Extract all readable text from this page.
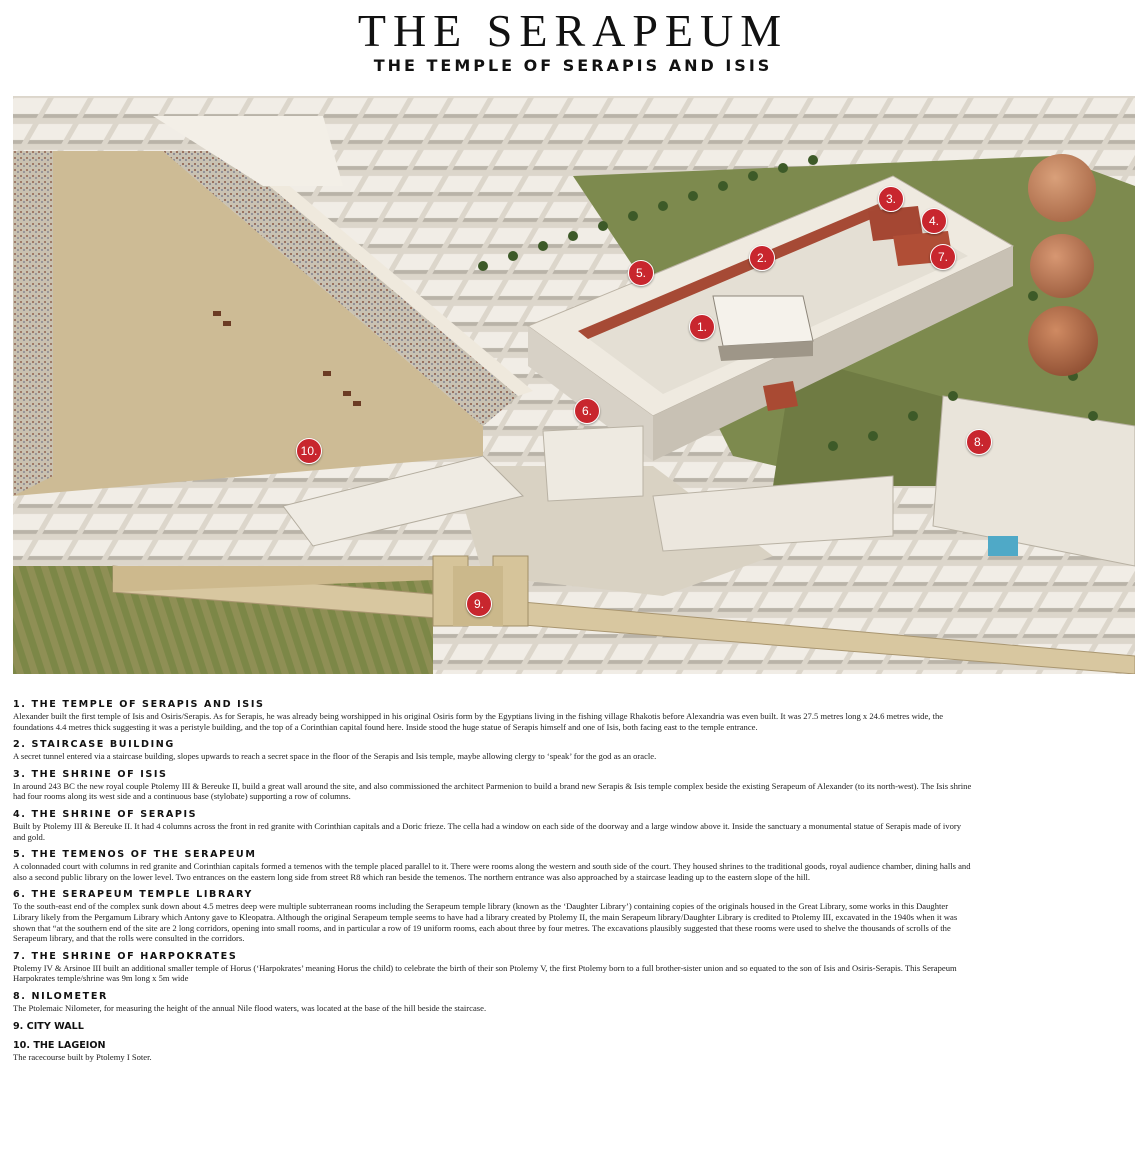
THE SERAPEUM
THE TEMPLE OF SERAPIS AND ISIS
1.
2.
3.
4.
5.
6.
7.
8.
9.
10.
1. THE TEMPLE OF SERAPIS AND ISIS
Alexander built the first temple of Isis and Osiris/Serapis. As for Serapis, he was already being worshipped in his original Osiris form by the Egyptians living in the fishing village Rhakotis before Alexandria was even built. It was 27.5 metres long x 24.6 metres wide, the foundations 4.4 metres thick suggesting it was a peristyle building, and the top of a Corinthian capital found here. Inside stood the huge statue of Serapis himself and one of Isis, both facing east to the temple entrance.
2. STAIRCASE BUILDING
A secret tunnel entered via a staircase building, slopes upwards to reach a secret space in the floor of the Serapis and Isis temple, maybe allowing clergy to ‘speak’ for the god as an oracle.
3. THE SHRINE OF ISIS
In around 243 BC the new royal couple Ptolemy III & Bereuke II, build a great wall around the site, and also commissioned the architect Parmenion to build a brand new Serapis & Isis temple complex beside the existing Serapeum of Alexander (to its north-west). The Isis shrine had four rooms along its west side and a continuous base (stylobate) supporting a row of columns.
4. THE SHRINE OF SERAPIS
Built by Ptolemy III & Bereuke II. It had 4 columns across the front in red granite with Corinthian capitals and a Doric frieze. The cella had a window on each side of the doorway and a large window above it. Inside the sanctuary a monumental statue of Serapis made of ivory and gold.
5. THE TEMENOS OF THE SERAPEUM
A colonnaded court with columns in red granite and Corinthian capitals formed a temenos with the temple placed parallel to it. There were rooms along the western and south side of the court. They housed shrines to the traditional goods, royal audience chamber, dining halls and also a second public library on the lower level. Two entrances on the eastern long side from street R8 which ran beside the temenos. The northern entrance was also approached by a staircase leading up to the eastern slope of the hill.
6. THE SERAPEUM TEMPLE LIBRARY
To the south-east end of the complex sunk down about 4.5 metres deep were multiple subterranean rooms including the Serapeum temple library (known as the ‘Daughter Library’) containing copies of the originals housed in the Great Library, some works in this Daughter Library likely from the Pergamum Library which Antony gave to Kleopatra. Although the original Serapeum temple seems to have had a library created by Ptolemy II, the main Serapeum library/Daughter Library is credited to Ptolemy III, excavated in the 1940s when it was shown that “at the southern end of the site are 2 long corridors, opening into small rooms, and in particular a row of 19 uniform rooms, each about three by four metres. The excavations plausibly suggested that these rooms were used to shelve the thousands of scrolls of the Serapeum library, and that the rolls were consulted in the corridors.
7. THE SHRINE OF HARPOKRATES
Ptolemy IV & Arsinoe III built an additional smaller temple of Horus (‘Harpokrates’ meaning Horus the child) to celebrate the birth of their son Ptolemy V, the first Ptolemy born to a full brother-sister union and so equated to the son of Isis and Osiris-Serapis. This Serapeum Harpokrates temple/shrine was 9m long x 5m wide
8. NILOMETER
The Ptolemaic Nilometer, for measuring the height of the annual Nile flood waters, was located at the base of the hill beside the staircase.
9. CITY WALL
10. THE LAGEION
The racecourse built by Ptolemy I Soter.
